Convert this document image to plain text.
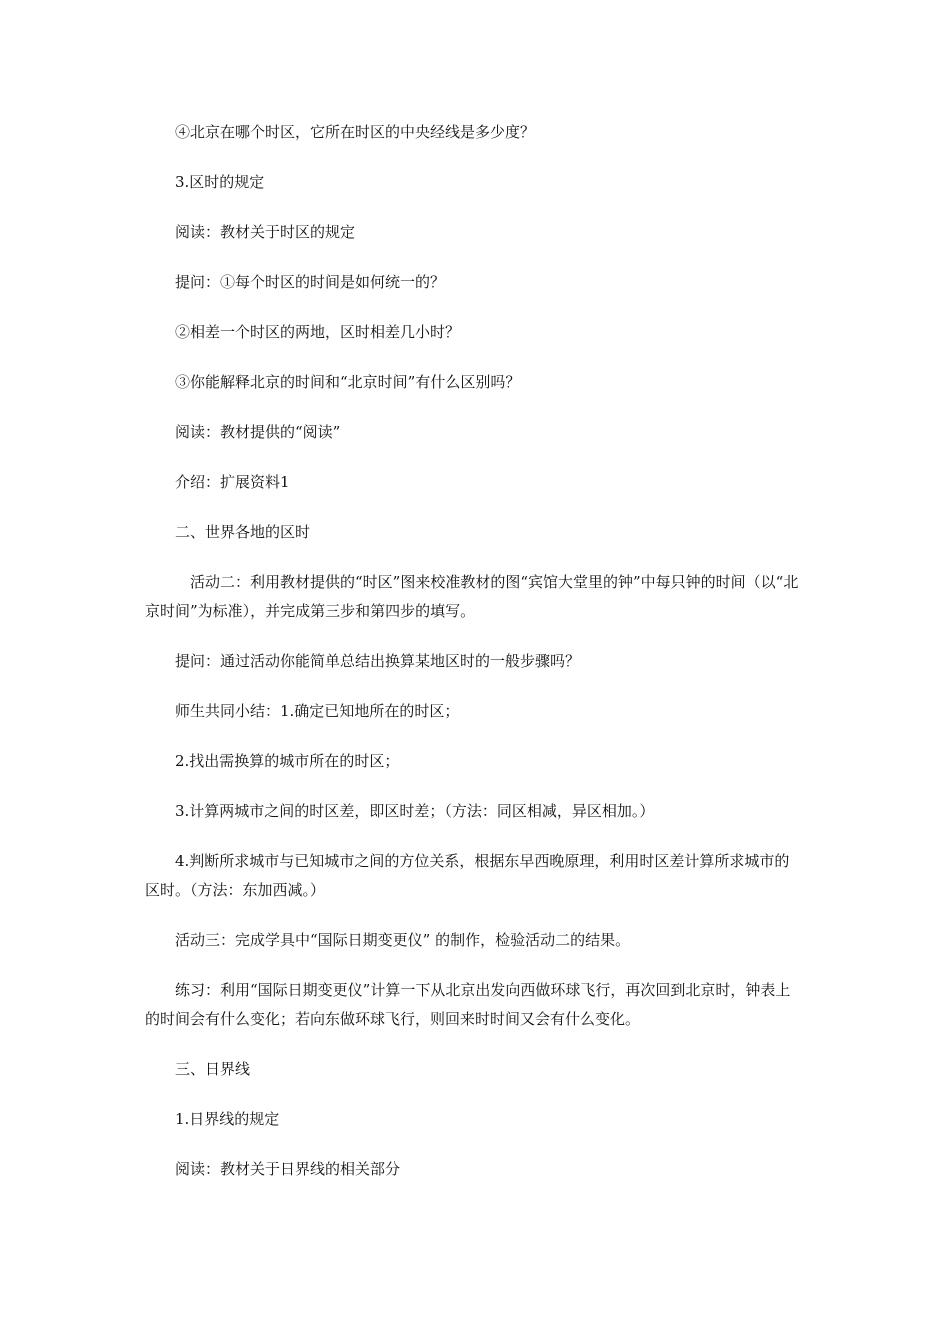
④北京在哪个时区，它所在时区的中央经线是多少度？

3.区时的规定

阅读：教材关于时区的规定

提问：①每个时区的时间是如何统一的？

②相差一个时区的两地，区时相差几小时？

③你能解释北京的时间和“北京时间”有什么区别吗？

阅读：教材提供的“阅读”

介绍：扩展资料1

二、世界各地的区时

活动二：利用教材提供的“时区”图来校准教材的图“宾馆大堂里的钟”中每只钟的时间（以“北京时间”为标准），并完成第三步和第四步的填写。

提问：通过活动你能简单总结出换算某地区时的一般步骤吗？

师生共同小结：1.确定已知地所在的时区；

2.找出需换算的城市所在的时区；

3.计算两城市之间的时区差，即区时差；（方法：同区相减，异区相加。）

4.判断所求城市与已知城市之间的方位关系，根据东早西晚原理，利用时区差计算所求城市的区时。（方法：东加西减。）

活动三：完成学具中“国际日期变更仪” 的制作，检验活动二的结果。

练习：利用“国际日期变更仪”计算一下从北京出发向西做环球飞行，再次回到北京时，钟表上的时间会有什么变化；若向东做环球飞行，则回来时时间又会有什么变化。

三、日界线

1.日界线的规定

阅读：教材关于日界线的相关部分
